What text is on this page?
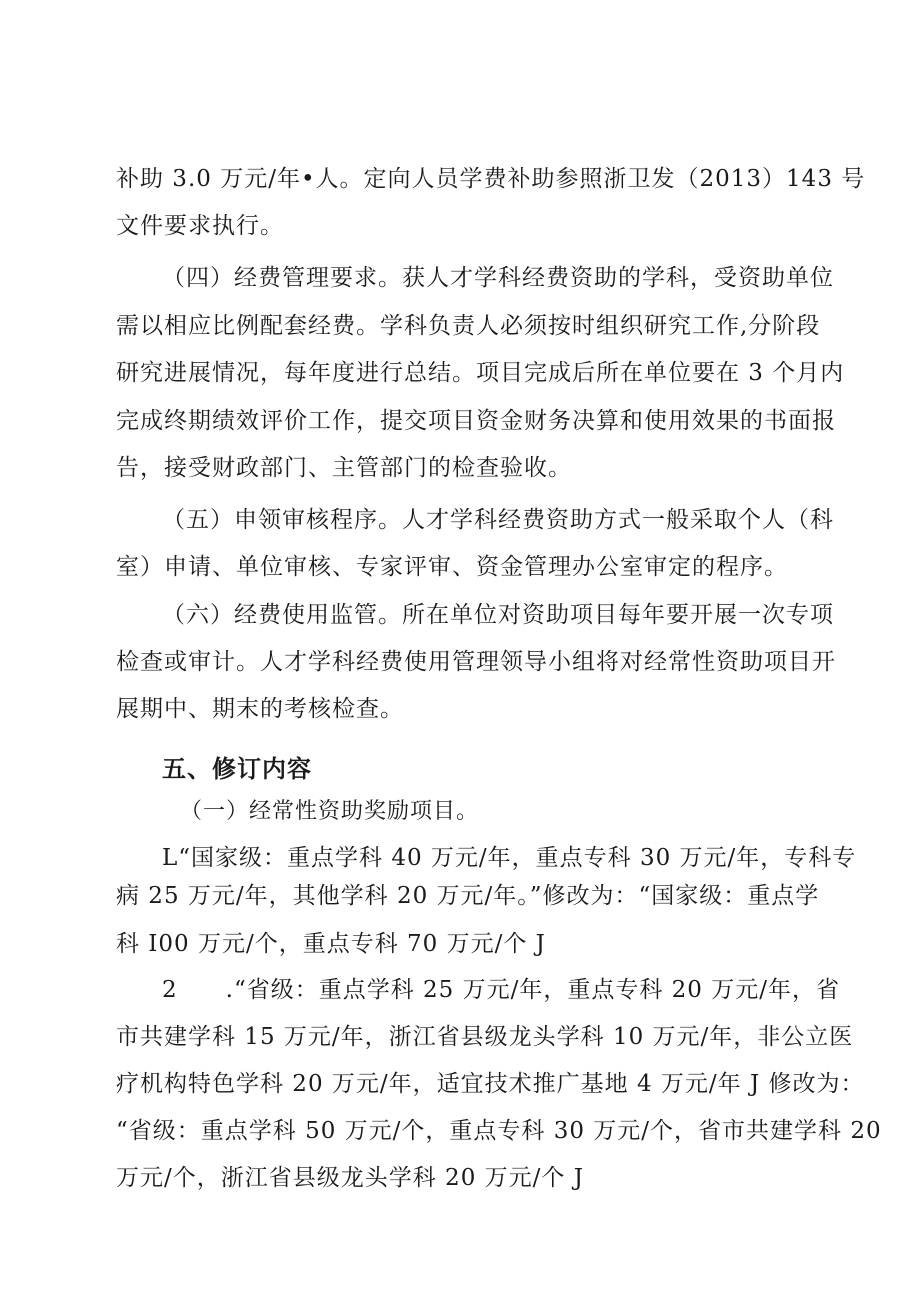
补助 3.0 万元/年•人。定向人员学费补助参照浙卫发（2013）143 号
文件要求执行。
（四）经费管理要求。获人才学科经费资助的学科，受资助单位
需以相应比例配套经费。学科负责人必须按时组织研究工作,分阶段
研究进展情况，每年度进行总结。项目完成后所在单位要在 3 个月内
完成终期绩效评价工作，提交项目资金财务决算和使用效果的书面报
告，接受财政部门、主管部门的检查验收。
（五）申领审核程序。人才学科经费资助方式一般采取个人（科
室）申请、单位审核、专家评审、资金管理办公室审定的程序。
（六）经费使用监管。所在单位对资助项目每年要开展一次专项
检查或审计。人才学科经费使用管理领导小组将对经常性资助项目开
展期中、期末的考核检查。
五、修订内容
（一）经常性资助奖励项目。
L“国家级：重点学科 40 万元/年，重点专科 30 万元/年，专科专
病 25 万元/年，其他学科 20 万元/年。”修改为：“国家级：重点学
科 I00 万元/个，重点专科 70 万元/个 J
2　　.“省级：重点学科 25 万元/年，重点专科 20 万元/年，省
市共建学科 15 万元/年，浙江省县级龙头学科 10 万元/年，非公立医
疗机构特色学科 20 万元/年，适宜技术推广基地 4 万元/年 J 修改为：
“省级：重点学科 50 万元/个，重点专科 30 万元/个，省市共建学科 20
万元/个，浙江省县级龙头学科 20 万元/个 J
